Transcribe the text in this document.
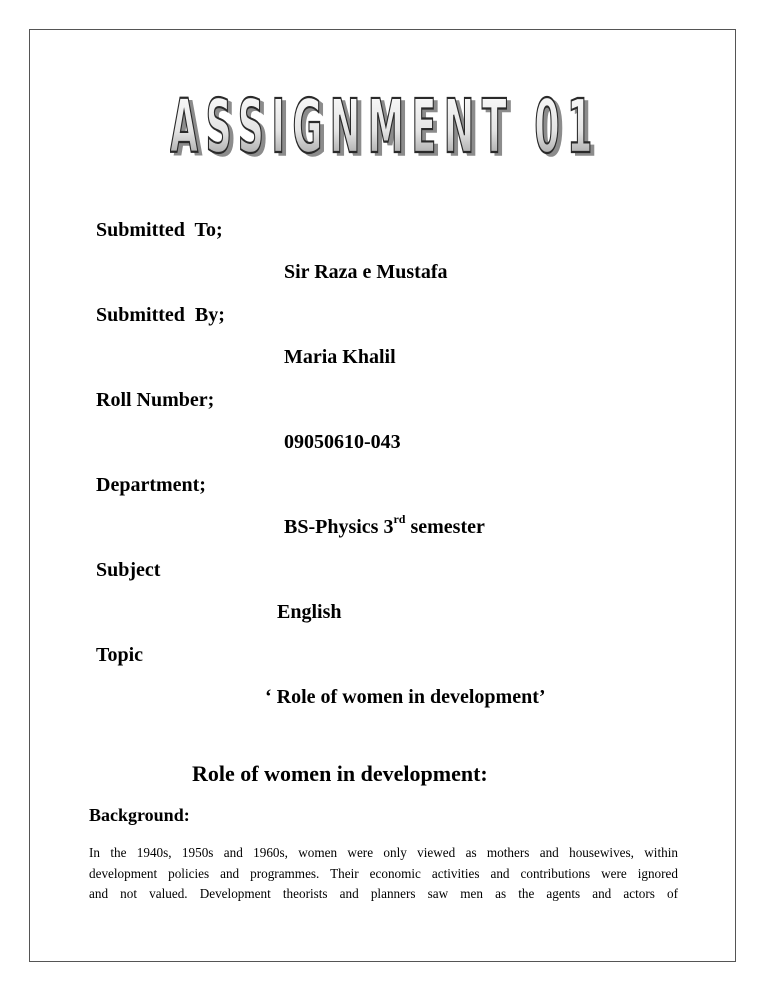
ASSIGNMENT 01
ASSIGNMENT 01
Submitted  To;
Sir Raza e Mustafa
Submitted  By;
Maria Khalil
Roll Number;
09050610-043
Department;
BS-Physics 3rd semester
Subject
English
Topic
‘ Role of women in development’
Role of women in development:
Background:
In the 1940s, 1950s and 1960s, women were only viewed as mothers and housewives, within
development policies and programmes. Their economic activities and contributions were ignored
and not valued. Development theorists and planners saw men as the agents and actors of
